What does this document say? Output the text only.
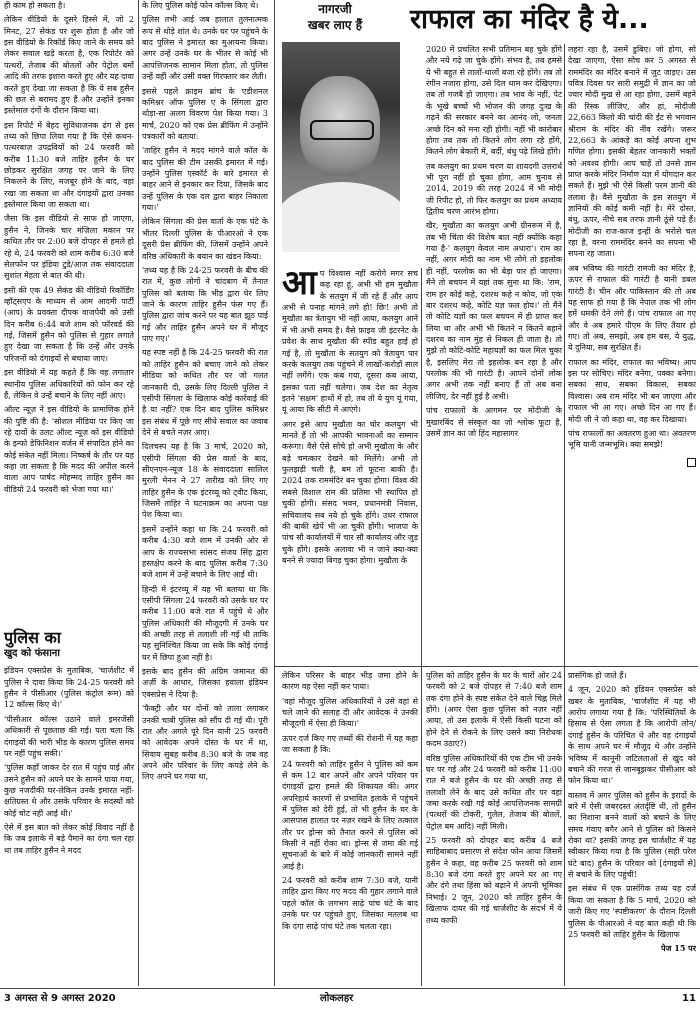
ही काम हो सकता है।

लेकिन वीडियो के दूसरे हिस्से में, जो 2 मिनट, 27 सेकंड पर शुरू होता है और जो इस वीडियो के रिकॉर्ड किए जाने के समय को लेकर सवाल खड़े करता है, एक रिपोर्टर को पत्थरों, तेजाब की बोतलों और पेट्रोल बमों आदि की तरफ इशारा करते हुए और यह दावा करते हुए देखा जा सकता है कि ये सब हुसैन की छत से बरामद हुए हैं और उन्होंने इनका इस्तेमाल दंगों के दौरान किया था।

इस रिपोर्ट में बेहद सुविधाजनक ढंग से इस तथ्य को छिपा लिया गया है कि ऐसे कथन-पत्थरबाज़ उपद्रवियों को 24 फरवरी को करीब 11:30 बजे ताहिर हुसैन के घर छोड़कर सुरक्षित जगह पर जाने के लिए निकलने के लिए, मजबूर होने के बाद, वहां रखा जा सकता था और दंगाइयों द्वारा उनका इस्तेमाल किया जा सकता था।

जैसा कि इस वीडियो से साफ हो जाएगा, हुसैन ने, जिनके चार मंज़िला मकान पर कथित तौर पर 2:00 बजे दोपहर से हमले हो रहे थे, 24 फरवरी को शाम करीब 6:30 बजे सेलफोन पर इंडिया टुडे/आज तक संवाददाता सुशांत मेहता से बात की थी।

इसी की एक 49 सेकंड की वीडियो रिकॉर्डिंग व्हॉट्सएप के माध्यम से आम आदमी पार्टी (आप) के प्रवक्ता दीपक वाजपेयी को उसी दिन करीब 6:44 बजे शाम को फॉरवर्ड की गई, जिसमें हुसैन को पुलिस से गुहार लगाते हुए देखा जा सकता है कि उन्हें और उनके परिजनों को दंगाइयों से बचाया जाए।

इस वीडियो में यह कहते हैं कि वह लगातार स्थानीय पुलिस अधिकारियों को फोन कर रहे हैं, लेकिन वे उन्हें बचाने के लिए नहीं आए।

ऑल्ट न्यूज़ ने इस वीडियो के प्रामाणिक होने की पुष्टि की है: 'सोशल मीडिया पर किए जा रहे दावों के उलट ऑल्ट न्यूज़ को इस वीडियो के इन्फो डेफिनिशन वर्जन में संपादित होने का कोई संकेत नहीं मिला। निष्कर्ष के तौर पर यह कहा जा सकता है कि मदद की अपील करने वाला आप पार्षद मोहम्मद ताहिर हुसैन का वीडियो 24 फरवरी को भेजा गया था।'

पुलिस का
खुद को फंसाना

इंडियन एक्सप्रेस के मुताबिक, 'चार्जशीट में पुलिस ने दावा किया कि 24-25 फरवरी को हुसैन ने पीसीआर (पुलिस कंट्रोल रूम) को 12 कॉल्स किए थे।'

'पीसीआर कॉल्स उठाने वाले इमरजेंसी अधिकारी से पूछताछ की गई। पता चला कि दंगाइयों की भारी भीड़ के कारण पुलिस समय पर नहीं पहुंच सकी।'

'पुलिस कहाँ जाकर देर रात में पहुंच पाई और उसने हुसैन को अपने घर के सामने पाया गया, कुछ नजदीकी घर-लेकिन उनके इमारत नहीं- क्षतिग्रस्त थे और उसके परिवार के सदस्यों को कोई चोट नहीं आई थी।'

ऐसे में इस बात को लेकर कोई विवाद नहीं है कि जब इलाके में बड़े पैमाने का दंगा चल रहा था तब ताहिर हुसैन ने मदद

के लिए पुलिस कोई फोन कॉल्स किए थे।

पुलिस तभी आई जब हालात तुलनात्मक रूप से थोड़े शांत थे। उनके घर पर पहुंचने के बाद पुलिस ने इमारत का मुआयना किया। अगर उन्हें उनके घर के भीतर से कोई भी आपत्तिजनक सामान मिला होता, तो पुलिस उन्हें वहीं और उसी वक्त गिरफ्तार कर लेती।

इससे पहले क्राइम ब्रांच के एडीशनल कमिश्नर ऑफ पुलिस ए के सिंगला द्वारा थोड़ा-सा अलग विवरण पेश किया गया। 3 मार्च, 2020 को एक प्रेस ब्रीफिंग में उन्होंने पत्रकारों को बताया:

'ताहिर हुसैन ने मदद मांगने वाले कॉल के बाद पुलिस की टीम उसकी इमारत में गई। उन्होंने पुलिस एस्कॉर्ट के बारे इमारत से बाहर आने से इनकार कर दिया, जिसके बाद उन्हें पुलिस के एक दल द्वारा बाहर निकाला गया।'

लेकिन सिंगला की प्रेस वार्ता के एक घंटे के भीतर दिल्ली पुलिस के पीआरओ ने एक दूसरी प्रेस ब्रीफिंग की, जिसमें उन्होंने अपने वरिष्ठ अधिकारी के बयान का खंडन किया:

'तथ्य यह है कि 24-25 फरवरी के बीच की रात में, कुछ लोगों ने चांदबाग में तैनात पुलिस को बताया कि भीड़ द्वारा घेर लिए जाने के कारण ताहिर हुसैन फंस गए हैं। पुलिस द्वारा जांच करने पर यह बात झूठ पाई गई और ताहिर हुसैन अपने घर में मौजूद पाए गए।'

यह स्पष्ट नहीं है कि 24-25 फरवरी की रात को ताहिर हुसैन को बचाए जाने को लेकर मीडिया को कथित तौर पर जो गलत जानकारी दी, उसके लिए दिल्ली पुलिस ने एसीपी सिंगला के खिलाफ कोई कार्रवाई की है या नहीं? एक दिन बाद पुलिस कमिश्नर इस संबंध में पूछे गए सीधे सवाल का जवाब देने से बचते नज़र आए।

दिलचस्प यह है कि 3 मार्च, 2020 को, एसीपी सिंगला की प्रेस वार्ता के बाद, सीएनएन-न्यूज 18 के संवाददाता सालिल मुरली मेनन ने 27 तारीख को लिए गए ताहिर हुसैन के एक इंटरव्यू को ट्वीट किया, जिसमें ताहिर ने घटनाक्रम का अपना पक्ष पेश किया था।

इसमें उन्होंने कहा था कि 24 फरवरी को करीब 4:30 बजे शाम में उनकी ओर से आप के राज्यसभा सांसद संजय सिंह द्वारा हस्तक्षेप करने के बाद पुलिस करीब 7:30 बजे शाम में उन्हें बचाने के लिए आई थी।

हिन्दी में इंटरव्यू में यह भी बताया था कि एसीपी सिंगला 24 फरवरी को उसके घर पर करीब 11:00 बजे रात में पहुंचे थे और पुलिस अधिकारी की मौजूदगी में उनके घर की अच्छी तरह से तलाशी ली गई थी ताकि यह सुनिश्चित किया जा सके कि कोई दंगाई घर में छिपा हुआ नहीं है।

इसके बाद हुसैन की अग्रिम जमानत की अर्ज़ी के आधार, जिसका हवाला इंडियन एक्सप्रेस ने दिया है:

'फैक्ट्री और घर दोनों को ताला लगाकर उनकी चाबी पुलिस को सौंप दी गई थी। पूरी रात और अगले पूरे दिन यानी 25 फरवरी को आवेदक अपने दोस्त के घर में था, सिवाय सुबह करीब 8:30 बजे के जब वह अपने और परिवार के लिए कपड़े लेने के लिए अपने घर गया था,

नागरजी
खबर लाए हैं	राफाल का मंदिर है ये...
आ प विश्वास नहीं करोगे मगर सच कह रहा हूं, अभी भी हम मुखौता के सतयुग में जी रहे हैं और आप अभी से पनाह मांगने लगे हो! छिः! अभी तो मुखौता का त्रेतायुग भी नहीं आया, कलयुग आने में भी अभी समय है। वैसे फ़ाइव जी इंटरनेट के प्रवेश के साथ मुखौता की स्पीड बहुत हाई हो गई है, तो मुखौता के सतयुग को त्रेतायुग पार करके कलयुग तक पहुंचने में लाखों-करोड़ों साल नहीं लगेंगे। एक कब गया, दूसरा कब आया, इसका पता नहीं चलेगा। जब देश का नेतृत्व इतने 'सक्षम' हाथों में हो, तब तो ये युग यूं गया, यूं आया कि सीटी में आएंगे।

अगर इसे आप मुखौता का घोर कलयुग भी मानते हैं तो भी आपकी भावनाओं का सम्मान करूंगा। वैसे ऐसे सोचे हो अभी मुखौता के और बड़े चमत्कार देखने को मिलेंगे। अभी तो फुलझड़ी चली है, बम तो फूटना बाकी है। 2024 तक राममंदिर बन चुका होगा। विश्व की सबसे विशाल राम की प्रतिमा भी स्थापित हो चुकी होगी। संसद भवन, प्रधानमंत्री निवास, सचिवालय सब नये हो चुके होंगे। उधर राफाल की बाकी खेपें भी आ चुकी होंगी। भाजपा के पांच सौ कार्यालयों में चार सौ कार्यालय और जुड़ चुके होंगे। इसके अलावा भी न जाने क्या-क्या बनने से ज्यादा बिगड़ चुका होगा। मुखौता के

2020 में प्रचलित सभी प्रतिमान बह चुके होंगे और नये गढ़े जा चुके होंगे। संभव है, तब हमसे ये भी बहुत से तालों-थालों बजा रहे होंगे। तब तो रंगीन नजारा होगा, उसे दिल थाम कर देखिएगा। तब तो गजबै हो जाएगा। तब भाव के नहीं, पेट के भूखे बच्चों भी भोजन की जगह दुःख के गढ़ने की सरकार बनने का आनंद लो, जनता अच्छे दिन को मना रही होगी। नहीं भी कारोबार होगा तब तक तो कितने लोग लगा रहे होंगे, कितने लोग बेकारी में, बर्दी, बंधु पढ़े लिखे होंगे।

तब कलयुग का प्रथम चरण या शायदगी उत्तरार्ध भी पूरा नहीं हो चुका होगा, आम चुनाव से 2014, 2019 की तरह 2024 में भी मोदी जी रिपीट हो, तो फिर कलयुग का प्रथम अध्याय द्वितीय चरण आरंभ होगा।

खैर, मुखौता का कलयुग अभी ग्रीनरूम में है, तब भी चिंता की विशेष बात नहीं क्योंकि कहा गया है-' कलयुग केवल नाम अधारा'। राम का नहीं, अगर मोदी का नाम भी लोगे तो इहलोक ही नहीं, परलोक का भी बेड़ा पार हो जाएगा। मैंने तो बचपन में यहां तक सुना था कि: 'राम, राम हर कोई कहे, दशरथ कहे न कोय, जो एक बार दशरथ कहे, कोटि यज्ञ फल होय।' तो मैंने तो कोटि यज्ञों का फल बचपन में ही प्राप्त कर लिया था और अभी भी कितने न कितने बहाने दशरथ का नाम मुंह से निकल ही जाता है। तो मुझे तो कोटि-कोटि महायज्ञों का फल मिल चुका है, इसलिए मेरा तो इहलोक बन रहा है और परलोक की भी गारंटी है। आपने दोनों लोक अगर अभी तक नहीं बनाए हैं तो अब बना लीजिए, देर नहीं हुई है अभी।

पांच राफालों के आगमन पर मोदीजी के मुखारबिंद से संस्कृत का जो श्लोक फूटा है, उसमें ज्ञान का जो हिंद महासागर

लहरा रहा है, उसमें डुबिए। जो होगा, सो देखा जाएगा, ऐसा सोच कर 5 अगस्त से राममंदिर का मंदिर बनाने में जुट जाइए। उस पवित्र दिवस पर सारी समुद्री में ज्ञान का जो ज्वार मोदी मुख से आ रहा होगा, उसमें बहने की रिस्क लीजिए, और हां, मोदीजी 22,663 किलो की चांदी की ईंट से भगवान श्रीराम के मंदिर की नींव रखेंगे। जरूर 22,663 के आंकड़े का कोई अपना शुभ गणित होगा। इसकी बेहतर जानकारी भक्तों को अवश्य होगी। आप चाहें तो उनसे ज्ञान प्राप्त करके मंदिर निर्माण यज्ञ में योगदान कर सकते हैं। मुझे भी ऐसे किसी परम ज्ञानी की तलाश है। वैसे मुखौता के इस सतयुग में ज्ञानियों की कोई कमी नहीं है। मेरे दोस्त, बंधु, ऊपर, नीचे सब तरफ ज्ञानी ठूंसे पड़े हैं। मोदीजी का राज-काज इन्हीं के भरोसे चल रहा है, वरना राममंदिर बनने का सपना भी सपना रह जाता।

अब भविष्य की गारंटी रामजी का मंदिर है, ऊपर से राफाल की गारंटी है यानी डबल गारंटी है। चीन और पाकिस्तान की तो अब यह साफ हो गया है कि नेपाल तक भी लोग हमें धमकी देने लगे हैं। पांच राफाल आ गए और वे अब हमारे पीएम के लिए तैयार हो गए। तो अब, समझो, अब हम बस, ये युद्ध, ये दुनिया, सब सुरक्षित हैं।

राफाल का मंदिर, राफाल का भविष्य। आप इस पर सोचिए। मंदिर बनेगा, पक्का बनेगा। सबका साथ, सबका विकास, सबका विश्वास। अब राम मंदिर भी बन जाएगा और राफाल भी आ गए। अच्छे दिन आ गए हैं। मोदी जी ने जो कहा था, वह कर दिखाया।

पांच राफालों का अवतरण हुआ था। अवतरण भूमि यानी जन्मभूमि। क्या समझे!

लेकिन परिसर के बाहर भीड़ जमा होने के कारण वह ऐसा नहीं कर पाया।

'वहां मौजूद पुलिस अधिकारियों ने उसे वहां से चले जाने की सलाह दी और आवेदक ने उनकी मौजूदगी में ऐसा ही किया।'

ऊपर दर्ज किए गए तथ्यों की रोशनी में यह कहा जा सकता है कि:

24 फरवरी को ताहिर हुसैन ने पुलिस को कम से कम 12 बार अपने और अपने परिवार पर दंगाइयों द्वारा हमले की शिकायत की। अगर अपरिहार्य कारणों से प्रभावित इलाके में पहुंचने में पुलिस को देरी हुई, तो भी हुसैन के घर के आसपास हालात पर नज़र रखने के लिए तत्काल तौर पर ड्रोन्स को तैनात करने से पुलिस को किसी ने नहीं रोका था। ड्रोन्स से जमा की गई सूचनाओं के बारे में कोई जानकारी सामने नहीं आई है।

24 फरवरी को करीब शाम 7:30 बजे, यानी ताहिर द्वारा किए गए मदद की गुहार लगाने वाले पहले कॉल के लगभग साढ़े पांच घंटे के बाद उनके घर पर पहुंचते हुए, जिसका मतलब था कि दंगा साढ़े पांच घंटे तक चलता रहा।

पुलिस को ताहिर हुसैन के घर के चारों ओर 24 फरवरी को 2 बजे दोपहर से 7:40 बजे शाम तक दंगा होने के स्पष्ट संकेत देने वाले चिह्न मिले होंगे। (अगर ऐसा कुछ पुलिस को नज़र नहीं आया, तो उस इलाके में ऐसी किसी घटना को होने देने से रोकने के लिए उसने क्या निरोधक कदम उठाए?)

वरिष्ठ पुलिस अधिकारियों की एक टीम भी उनके घर पर गई और 24 फरवरी को करीब 11:00 रात में बजे हुसैन के घर की अच्छी तरह से तलाशी लेने के बाद उसे कथित तौर पर वहां जमा करके रखी गई कोई आपत्तिजनक सामग्री (पत्थरों की टोकरी, गुलेल, तेजाब की बोतलें, पेट्रोल बम आदि) नहीं मिली।

25 फरवरी को दोपहर बाद करीब 4 बजे साहिबाबाद प्रसारण से संदेश फोन आया जिसमें हुसैन ने कहा, वह करीब 25 फरवरी को शाम 8:30 बजे दंगा करते हुए अपने घर आ गए और दंगे तथा हिंसा को बढ़ाने में अपनी भूमिका निभाई। 2 जून, 2020 को ताहिर हुसैन के खिलाफ दायर की गई चार्जशीट के संदर्भ में ये तथ्य काफी

प्रासंगिक हो जाते हैं।

4 जून, 2020 को इंडियन एक्सप्रेस को खबर के मुताबिक, 'चार्जशीट में यह भी आरोप लगाया गया है कि: 'परिस्थितियों के हिसाब से ऐसा लगता है कि आरोपी लोन/दंगाई हुसैन के परिचित थे और वह दंगाइयों के साथ अपने घर में मौजूद थे और उन्होंने भविष्य में कानूनी जटिलताओं से खुद को बचाने की गरज से जानबूझकर पीसीआर को फोन किया था।'

वास्तव में अगर पुलिस को हुसैन के इरादों के बारे में ऐसी जबरदस्त अंतर्दृष्टि थी, तो हुसैन का निशाना बनने वालों को बचाने के लिए समय गंवाए बगैर आने से पुलिस को किसने रोका था? इसकी जगह इस चार्जशीट में यह स्वीकार किया गया है कि पुलिस (सही परेल घंटे बाद) हुसैन के परिवार को [दंगाइयों से] से बचाने के लिए पहुंची!

इस संबंध में एक प्रासंगिक तथ्य यह दर्ज किया जा सकता है कि 5 मार्च, 2020 को जारी किए गए 'स्पष्टीकरण' के दौरान दिल्ली पुलिस के पीआरओ ने यह बात कही थी कि 25 फरवरी को ताहिर हुसैन के खिलाफ

पेज 15 पर
3 अगस्त से 9 अगस्त 2020	लोकलहर	11
